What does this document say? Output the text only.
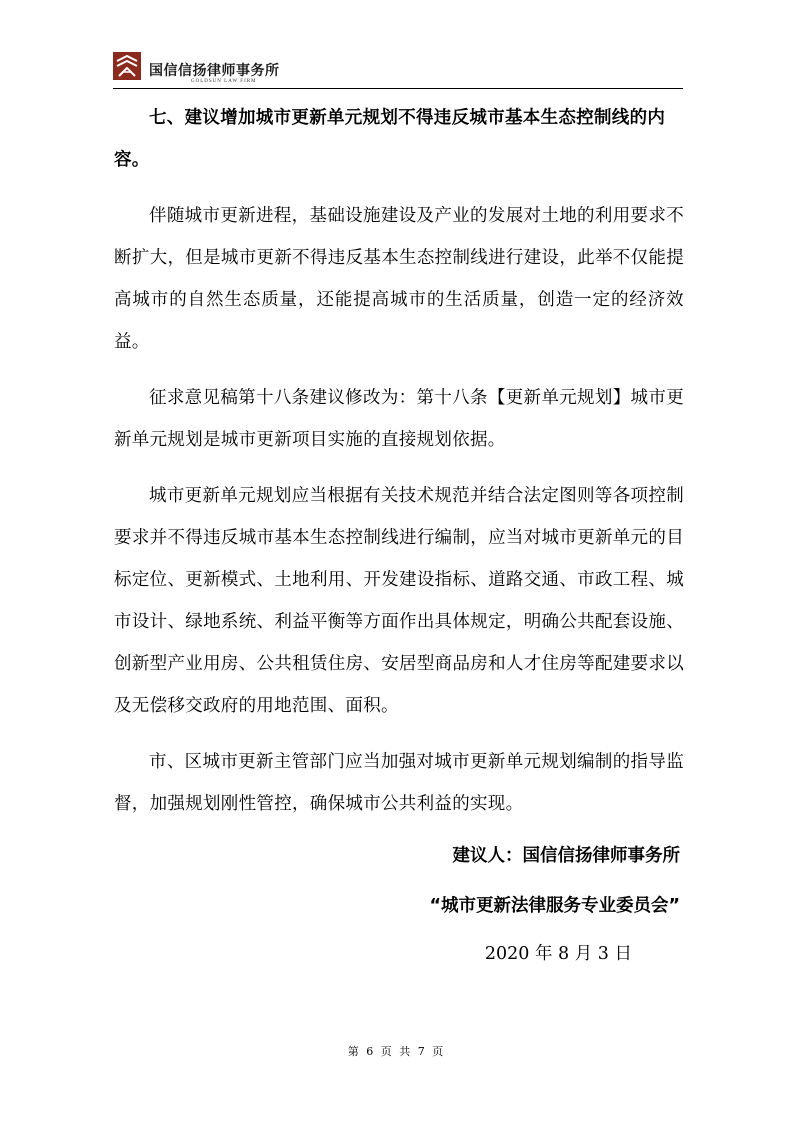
国信信扬律师事务所
GOLDSUN LAW FIRM

七、建议增加城市更新单元规划不得违反城市基本生态控制线的内容。

伴随城市更新进程，基础设施建设及产业的发展对土地的利用要求不断扩大，但是城市更新不得违反基本生态控制线进行建设，此举不仅能提高城市的自然生态质量，还能提高城市的生活质量，创造一定的经济效益。

征求意见稿第十八条建议修改为：第十八条【更新单元规划】城市更新单元规划是城市更新项目实施的直接规划依据。

城市更新单元规划应当根据有关技术规范并结合法定图则等各项控制要求并不得违反城市基本生态控制线进行编制，应当对城市更新单元的目标定位、更新模式、土地利用、开发建设指标、道路交通、市政工程、城市设计、绿地系统、利益平衡等方面作出具体规定，明确公共配套设施、创新型产业用房、公共租赁住房、安居型商品房和人才住房等配建要求以及无偿移交政府的用地范围、面积。

市、区城市更新主管部门应当加强对城市更新单元规划编制的指导监督，加强规划刚性管控，确保城市公共利益的实现。

建议人：国信信扬律师事务所

“城市更新法律服务专业委员会”

2020 年 8 月 3 日

第 6 页 共 7 页
